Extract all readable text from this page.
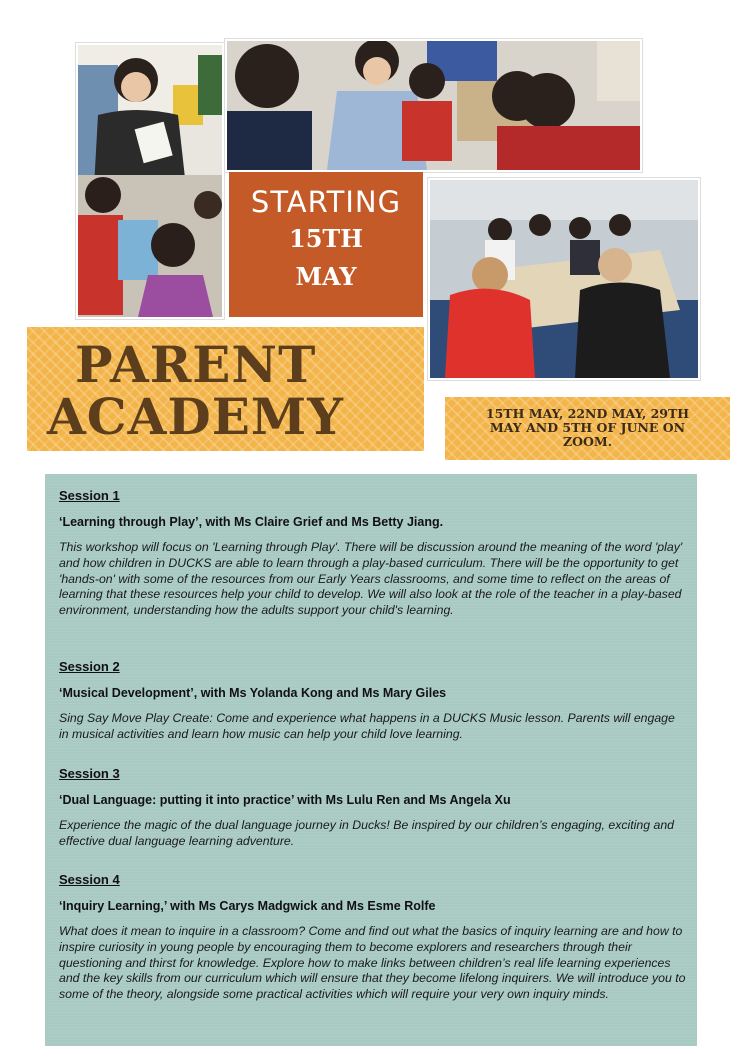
STARTING
15TH
MAY
PARENT
ACADEMY	15TH MAY, 22ND MAY, 29TH
MAY AND 5TH OF JUNE ON
ZOOM.

Session 1

‘Learning through Play’, with Ms Claire Grief and Ms Betty Jiang.

This workshop will focus on 'Learning through Play'. There will be discussion around the meaning of the word 'play' and how children in DUCKS are able to learn through a play-based curriculum. There will be the opportunity to get 'hands-on' with some of the resources from our Early Years classrooms, and some time to reflect on the areas of learning that these resources help your child to develop. We will also look at the role of the teacher in a play-based environment, understanding how the adults support your child's learning.

Session 2

‘Musical Development’, with Ms Yolanda Kong and Ms Mary Giles

Sing Say Move Play Create: Come and experience what happens in a DUCKS Music lesson. Parents will engage in musical activities and learn how music can help your child love learning.

Session 3

‘Dual Language: putting it into practice’ with Ms Lulu Ren and Ms Angela Xu

Experience the magic of the dual language journey in Ducks! Be inspired by our children’s engaging, exciting and effective dual language learning adventure.

Session 4

‘Inquiry Learning,’ with Ms Carys Madgwick and Ms Esme Rolfe

What does it mean to inquire in a classroom? Come and find out what the basics of inquiry learning are and how to inspire curiosity in young people by encouraging them to become explorers and researchers through their questioning and thirst for knowledge. Explore how to make links between children’s real life learning experiences and the key skills from our curriculum which will ensure that they become lifelong inquirers. We will introduce you to some of the theory, alongside some practical activities which will require your very own inquiry minds.
